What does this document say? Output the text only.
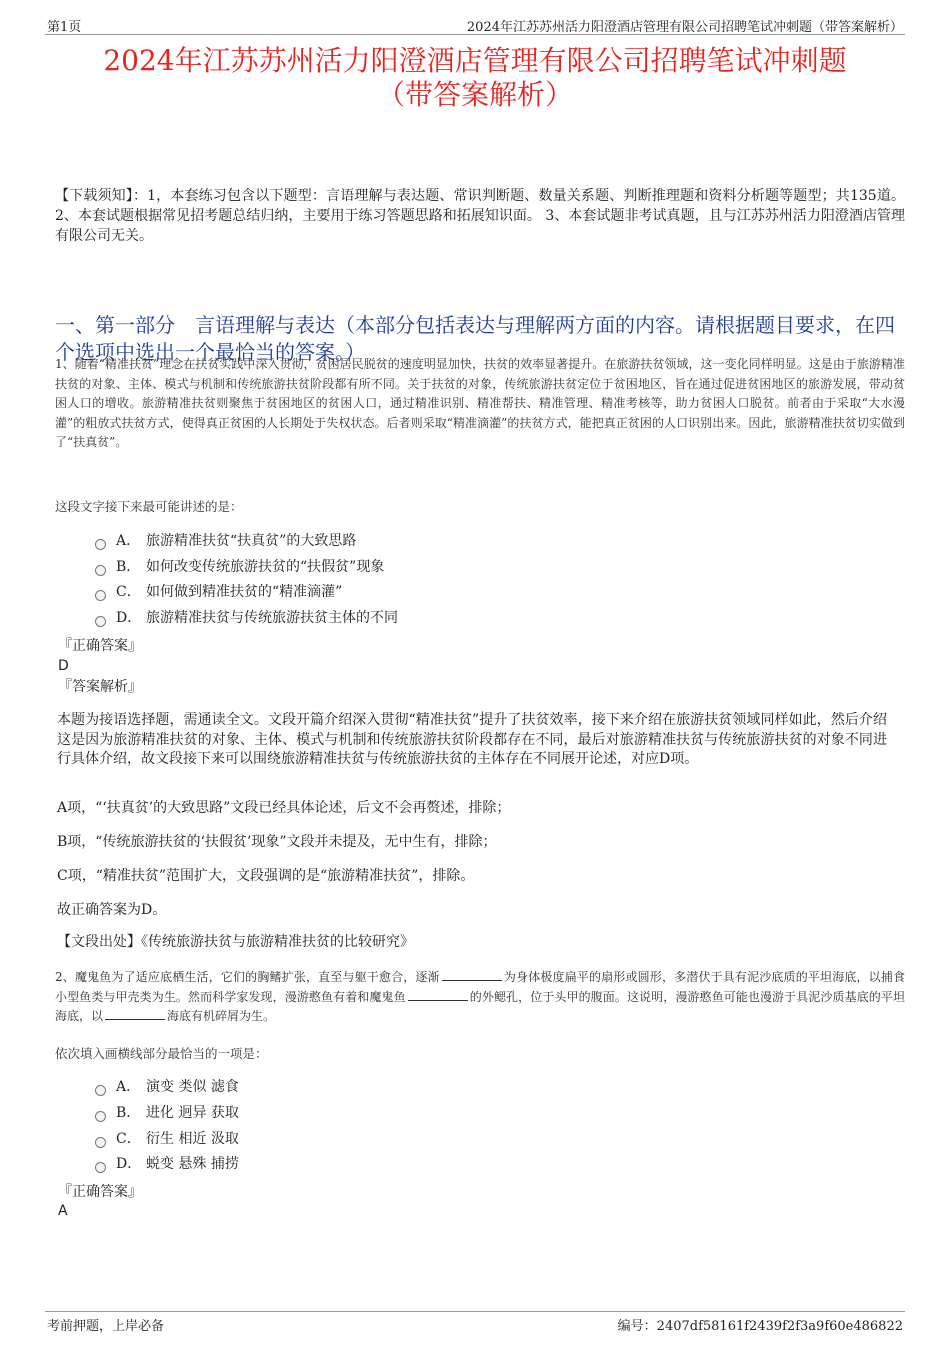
第1页	2024年江苏苏州活力阳澄酒店管理有限公司招聘笔试冲刺题（带答案解析）
2024年江苏苏州活力阳澄酒店管理有限公司招聘笔试冲刺题
（带答案解析）
【下载须知】：1，本套练习包含以下题型：言语理解与表达题、常识判断题、数量关系题、判断推理题和资料分析题等题型；共135道。 2、本套试题根据常见招考题总结归纳，主要用于练习答题思路和拓展知识面。 3、本套试题非考试真题，且与江苏苏州活力阳澄酒店管理有限公司无关。
一、第一部分　言语理解与表达（本部分包括表达与理解两方面的内容。请根据题目要求，在四个选项中选出一个最恰当的答案。）
1、随着“精准扶贫”理念在扶贫实践中深入贯彻，贫困居民脱贫的速度明显加快，扶贫的效率显著提升。在旅游扶贫领域，这一变化同样明显。这是由于旅游精准扶贫的对象、主体、模式与机制和传统旅游扶贫阶段都有所不同。关于扶贫的对象，传统旅游扶贫定位于贫困地区，旨在通过促进贫困地区的旅游发展，带动贫困人口的增收。旅游精准扶贫则聚焦于贫困地区的贫困人口，通过精准识别、精准帮扶、精准管理、精准考核等，助力贫困人口脱贫。前者由于采取“大水漫灌”的粗放式扶贫方式，使得真正贫困的人长期处于失权状态。后者则采取“精准滴灌”的扶贫方式，能把真正贫困的人口识别出来。因此，旅游精准扶贫切实做到了“扶真贫”。
这段文字接下来最可能讲述的是：
A． 旅游精准扶贫“扶真贫”的大致思路
B． 如何改变传统旅游扶贫的“扶假贫”现象
C． 如何做到精准扶贫的“精准滴灌”
D． 旅游精准扶贫与传统旅游扶贫主体的不同
『正确答案』
D
『答案解析』
本题为接语选择题，需通读全文。文段开篇介绍深入贯彻“精准扶贫”提升了扶贫效率，接下来介绍在旅游扶贫领域同样如此，然后介绍这是因为旅游精准扶贫的对象、主体、模式与机制和传统旅游扶贫阶段都存在不同，最后对旅游精准扶贫与传统旅游扶贫的对象不同进行具体介绍，故文段接下来可以围绕旅游精准扶贫与传统旅游扶贫的主体存在不同展开论述，对应D项。
A项，“‘扶真贫’的大致思路”文段已经具体论述，后文不会再赘述，排除；
B项，“传统旅游扶贫的‘扶假贫’现象”文段并未提及，无中生有，排除；
C项，“精准扶贫”范围扩大，文段强调的是“旅游精准扶贫”，排除。
故正确答案为D。
【文段出处】《传统旅游扶贫与旅游精准扶贫的比较研究》
2、魔鬼鱼为了适应底栖生活，它们的胸鳍扩张，直至与躯干愈合，逐渐	为身体极度扁平的扇形或圆形，多潜伏于具有泥沙底质的平坦海底，以捕食小型鱼类与甲壳类为生。然而科学家发现，漫游憨鱼有着和魔鬼鱼	的外鳃孔，位于头甲的腹面。这说明，漫游憨鱼可能也漫游于具泥沙质基底的平坦海底，以	海底有机碎屑为生。
依次填入画横线部分最恰当的一项是：
A． 演变 类似 滤食
B． 进化 迥异 获取
C． 衍生 相近 汲取
D． 蜕变 悬殊 捕捞
『正确答案』
A
考前押题，上岸必备	编号：2407df58161f2439f2f3a9f60e486822
